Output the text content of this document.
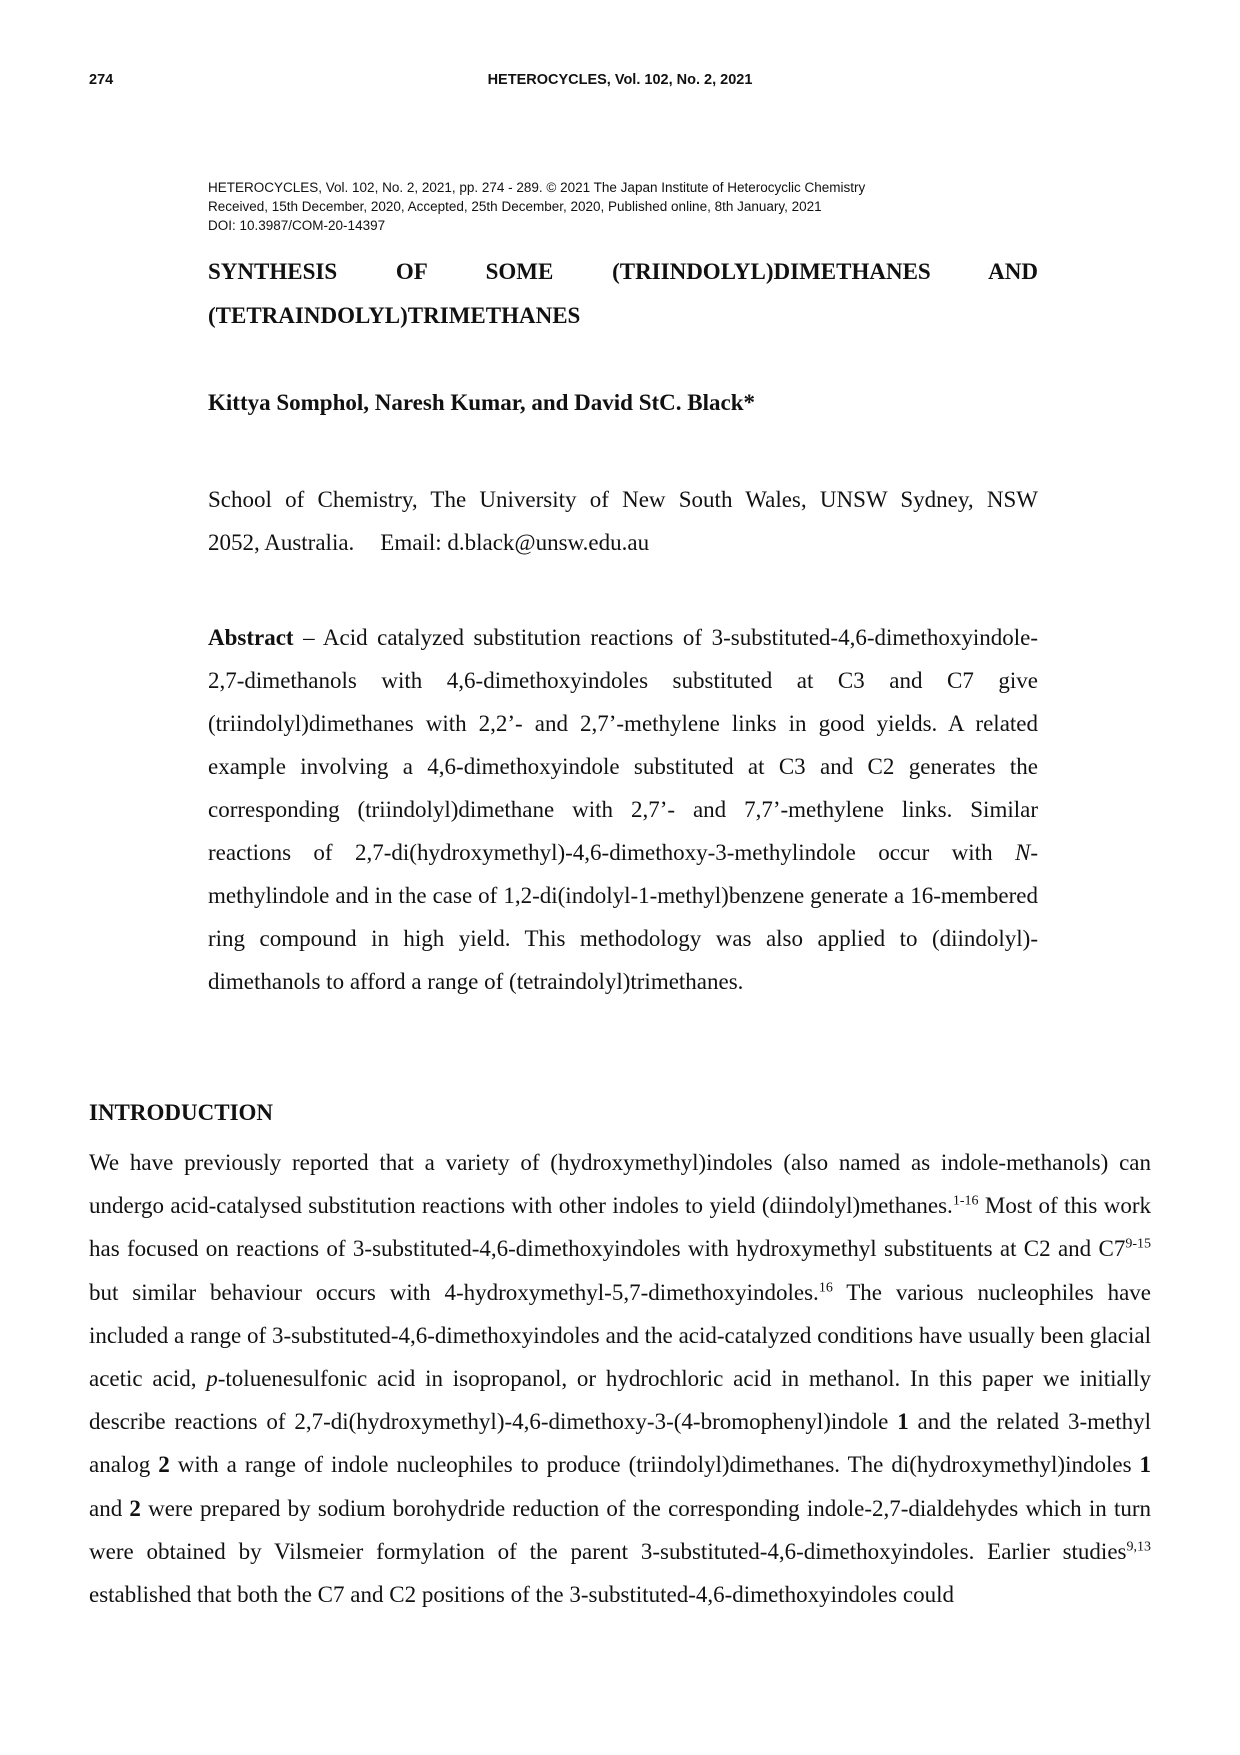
274	HETEROCYCLES, Vol. 102, No. 2, 2021
HETEROCYCLES, Vol. 102, No. 2, 2021, pp. 274 - 289. © 2021 The Japan Institute of Heterocyclic Chemistry
Received, 15th December, 2020, Accepted, 25th December, 2020, Published online, 8th January, 2021
DOI: 10.3987/COM-20-14397
SYNTHESIS OF SOME (TRIINDOLYL)DIMETHANES AND
(TETRAINDOLYL)TRIMETHANES
Kittya Somphol, Naresh Kumar, and David StC. Black*
School of Chemistry, The University of New South Wales, UNSW Sydney, NSW
2052, Australia. Email: d.black@unsw.edu.au
Abstract – Acid catalyzed substitution reactions of 3-substituted-4,6-dimethoxyindole-2,7-dimethanols with 4,6-dimethoxyindoles substituted at C3 and C7 give (triindolyl)dimethanes with 2,2’- and 2,7’-methylene links in good yields. A related example involving a 4,6-dimethoxyindole substituted at C3 and C2 generates the corresponding (triindolyl)dimethane with 2,7’- and 7,7’-methylene links. Similar reactions of 2,7-di(hydroxymethyl)-4,6-dimethoxy-3-methylindole occur with N-methylindole and in the case of 1,2-di(indolyl-1-methyl)benzene generate a 16-membered ring compound in high yield. This methodology was also applied to (diindolyl)-dimethanols to afford a range of (tetraindolyl)trimethanes.
INTRODUCTION
We have previously reported that a variety of (hydroxymethyl)indoles (also named as indole-methanols) can undergo acid-catalysed substitution reactions with other indoles to yield (diindolyl)methanes.$^{1-16}$ Most of this work has focused on reactions of 3-substituted-4,6-dimethoxyindoles with hydroxymethyl substituents at C2 and C7$^{9-15}$ but similar behaviour occurs with 4-hydroxymethyl-5,7-dimethoxyindoles.$^{16}$ The various nucleophiles have included a range of 3-substituted-4,6-dimethoxyindoles and the acid-catalyzed conditions have usually been glacial acetic acid, p-toluenesulfonic acid in isopropanol, or hydrochloric acid in methanol. In this paper we initially describe reactions of 2,7-di(hydroxymethyl)-4,6-dimethoxy-3-(4-bromophenyl)indole 1 and the related 3-methyl analog 2 with a range of indole nucleophiles to produce (triindolyl)dimethanes. The di(hydroxymethyl)indoles 1 and 2 were prepared by sodium borohydride reduction of the corresponding indole-2,7-dialdehydes which in turn were obtained by Vilsmeier formylation of the parent 3-substituted-4,6-dimethoxyindoles. Earlier studies$^{9,13}$ established that both the C7 and C2 positions of the 3-substituted-4,6-dimethoxyindoles could
